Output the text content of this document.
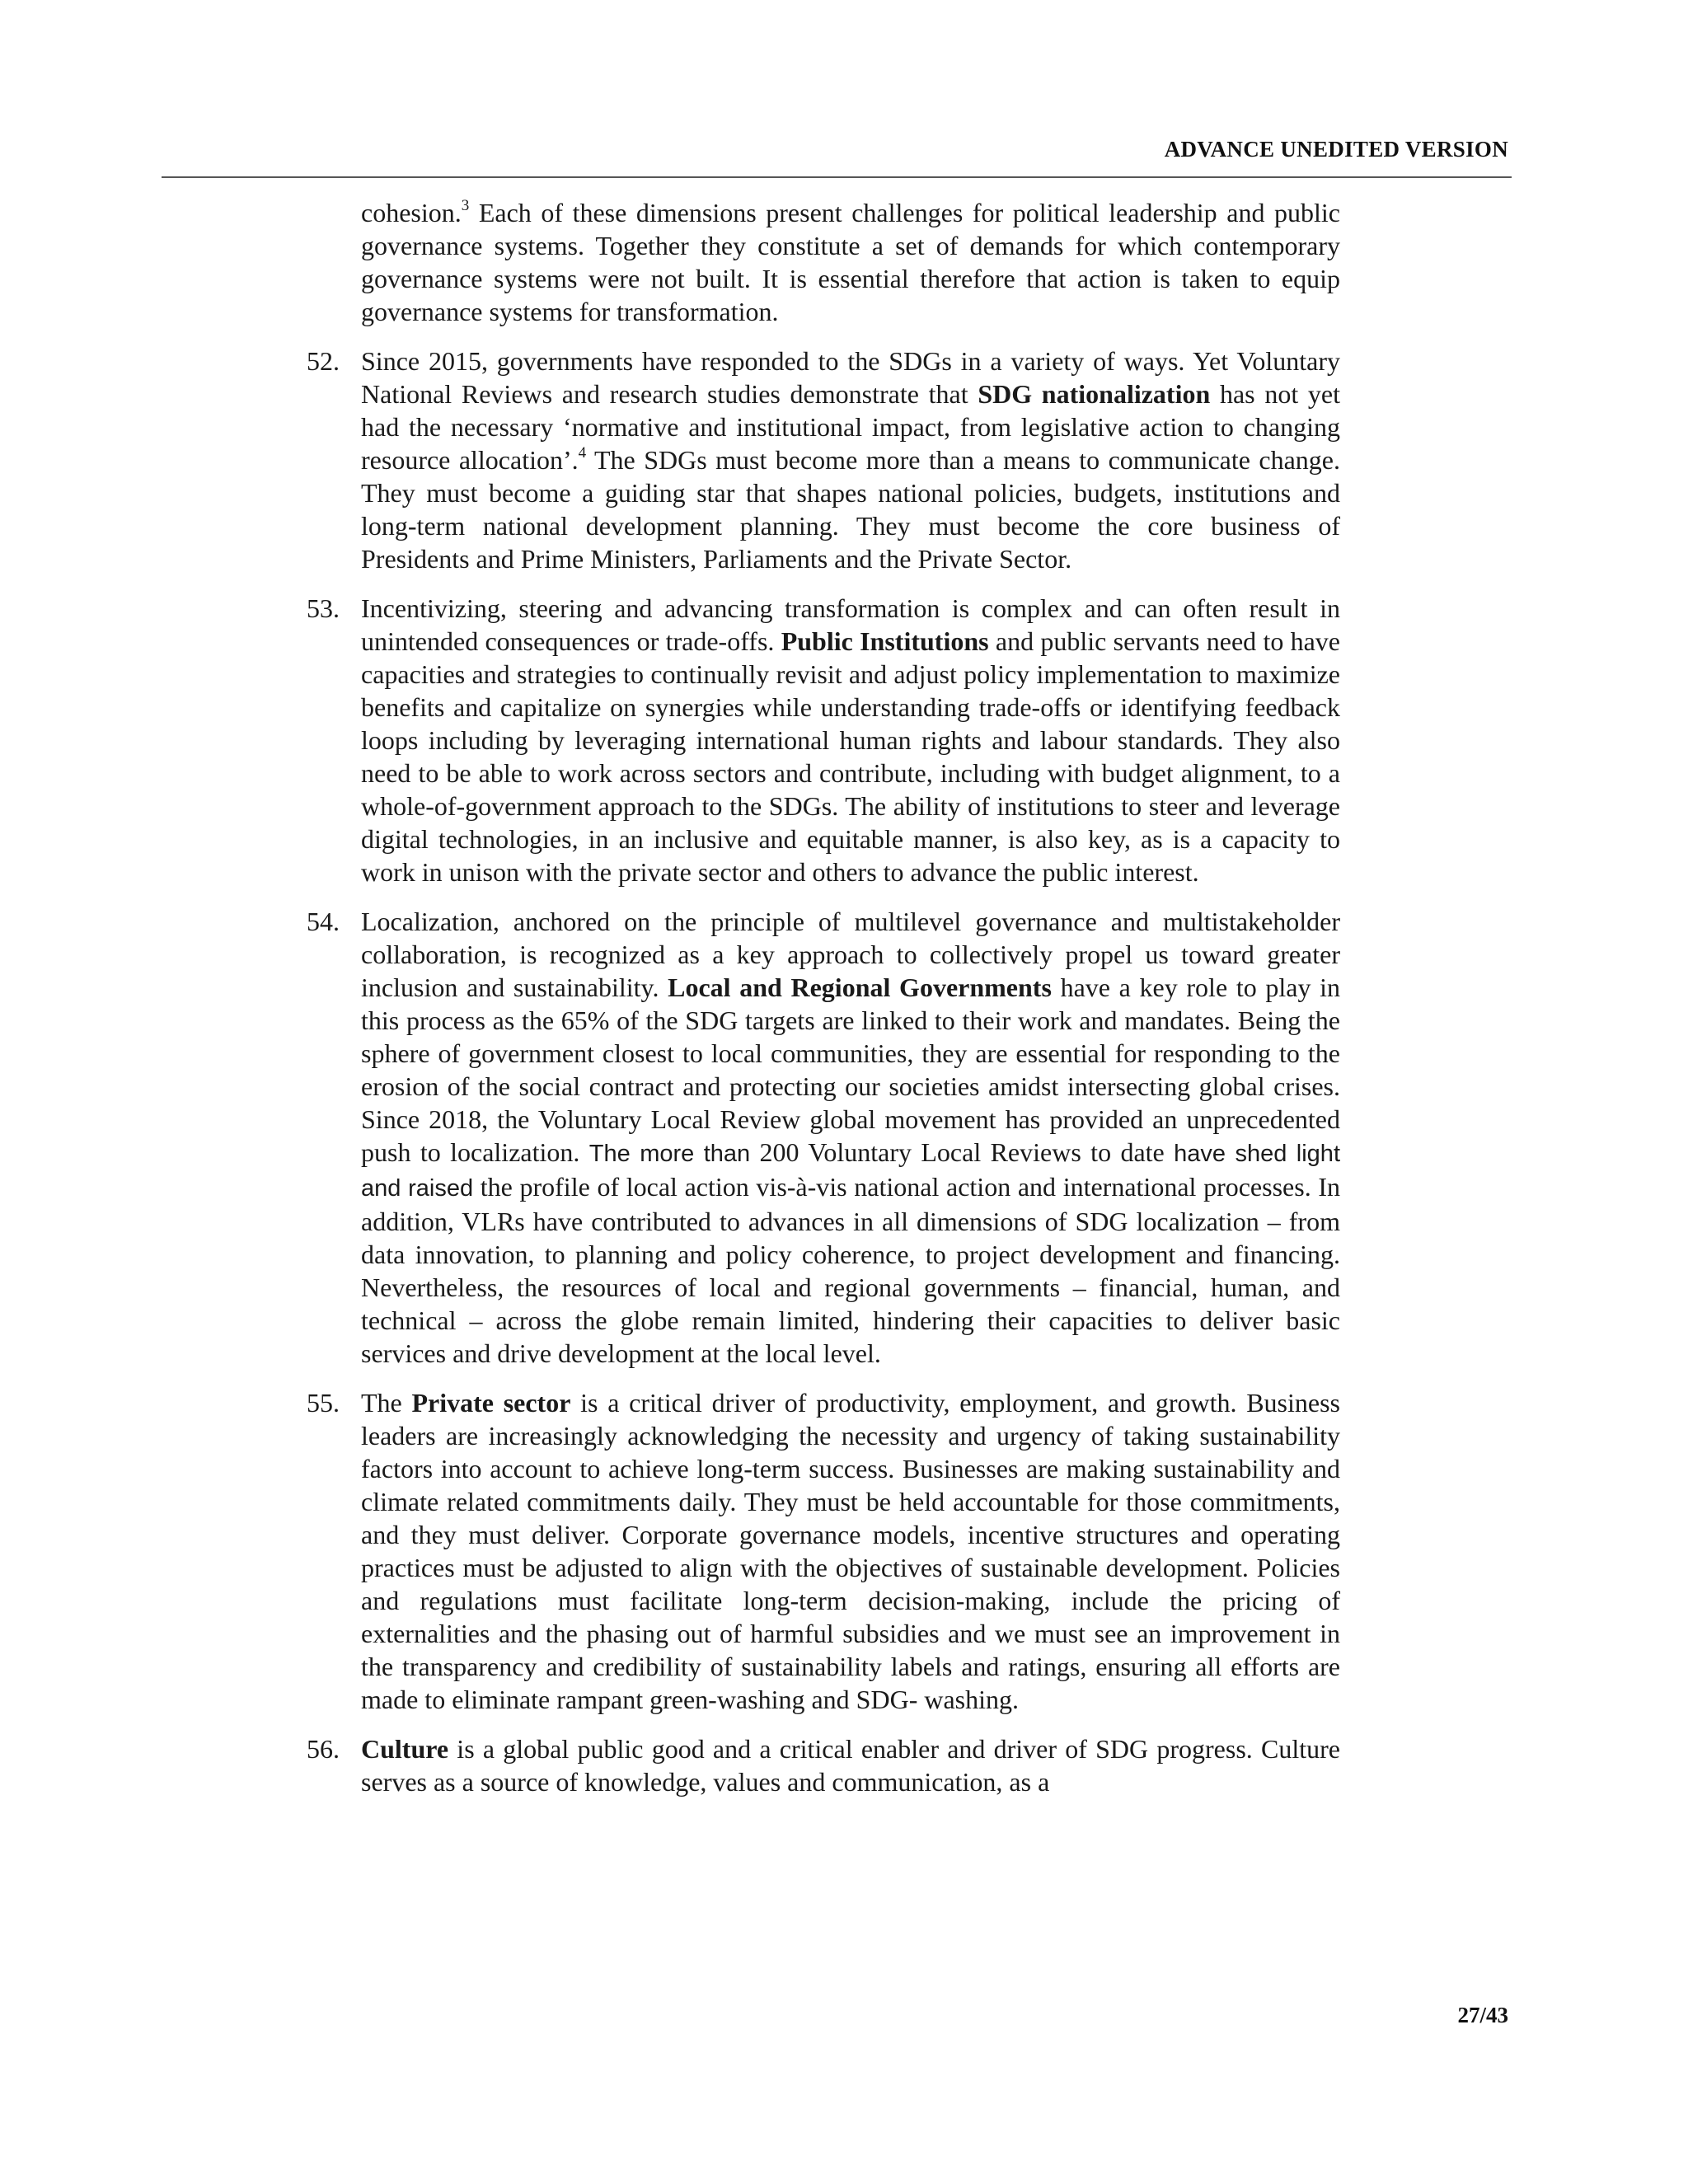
ADVANCE UNEDITED VERSION
cohesion.$^3$ Each of these dimensions present challenges for political leadership and public governance systems. Together they constitute a set of demands for which contemporary governance systems were not built. It is essential therefore that action is taken to equip governance systems for transformation.
52. Since 2015, governments have responded to the SDGs in a variety of ways. Yet Voluntary National Reviews and research studies demonstrate that SDG nationalization has not yet had the necessary ‘normative and institutional impact, from legislative action to changing resource allocation’.$^4$ The SDGs must become more than a means to communicate change. They must become a guiding star that shapes national policies, budgets, institutions and long-term national development planning. They must become the core business of Presidents and Prime Ministers, Parliaments and the Private Sector.
53. Incentivizing, steering and advancing transformation is complex and can often result in unintended consequences or trade-offs. Public Institutions and public servants need to have capacities and strategies to continually revisit and adjust policy implementation to maximize benefits and capitalize on synergies while understanding trade-offs or identifying feedback loops including by leveraging international human rights and labour standards. They also need to be able to work across sectors and contribute, including with budget alignment, to a whole-of-government approach to the SDGs. The ability of institutions to steer and leverage digital technologies, in an inclusive and equitable manner, is also key, as is a capacity to work in unison with the private sector and others to advance the public interest.
54. Localization, anchored on the principle of multilevel governance and multistakeholder collaboration, is recognized as a key approach to collectively propel us toward greater inclusion and sustainability. Local and Regional Governments have a key role to play in this process as the 65% of the SDG targets are linked to their work and mandates. Being the sphere of government closest to local communities, they are essential for responding to the erosion of the social contract and protecting our societies amidst intersecting global crises. Since 2018, the Voluntary Local Review global movement has provided an unprecedented push to localization. The more than 200 Voluntary Local Reviews to date have shed light and raised the profile of local action vis-à-vis national action and international processes. In addition, VLRs have contributed to advances in all dimensions of SDG localization – from data innovation, to planning and policy coherence, to project development and financing. Nevertheless, the resources of local and regional governments – financial, human, and technical – across the globe remain limited, hindering their capacities to deliver basic services and drive development at the local level.
55. The Private sector is a critical driver of productivity, employment, and growth. Business leaders are increasingly acknowledging the necessity and urgency of taking sustainability factors into account to achieve long-term success. Businesses are making sustainability and climate related commitments daily. They must be held accountable for those commitments, and they must deliver. Corporate governance models, incentive structures and operating practices must be adjusted to align with the objectives of sustainable development. Policies and regulations must facilitate long-term decision-making, include the pricing of externalities and the phasing out of harmful subsidies and we must see an improvement in the transparency and credibility of sustainability labels and ratings, ensuring all efforts are made to eliminate rampant green-washing and SDG- washing.
56. Culture is a global public good and a critical enabler and driver of SDG progress. Culture serves as a source of knowledge, values and communication, as a
27/43
